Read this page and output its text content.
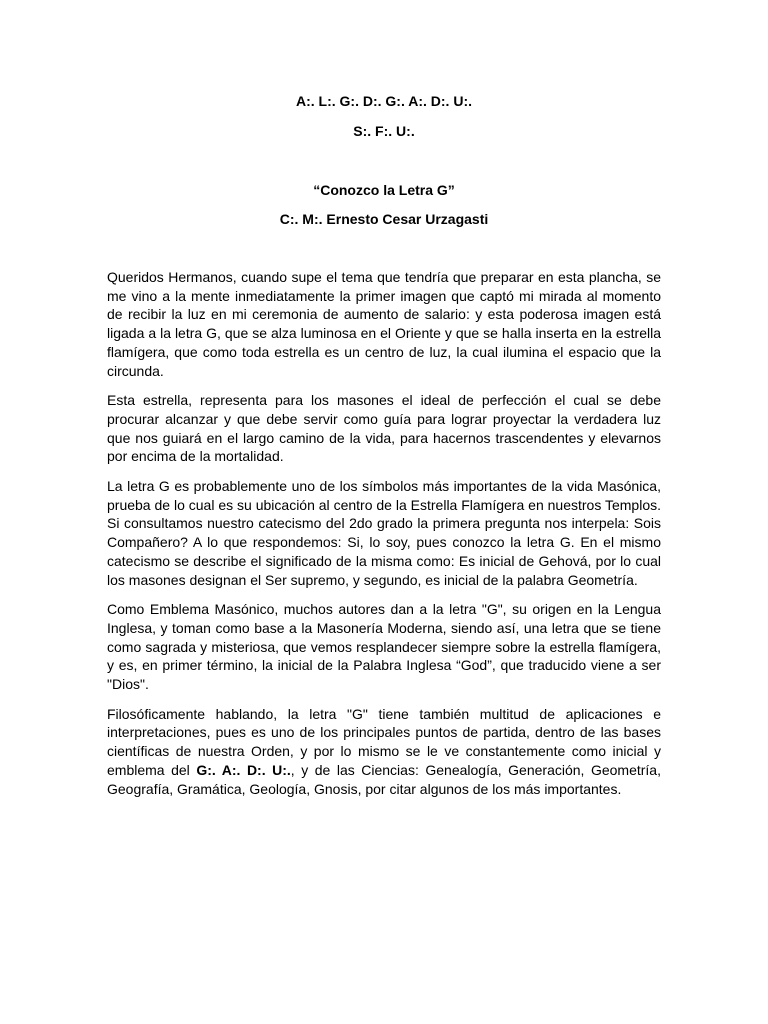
A:. L:. G:. D:. G:. A:. D:. U:.
S:. F:. U:.
“Conozco la Letra G”
C:. M:. Ernesto Cesar Urzagasti

Queridos Hermanos, cuando supe el tema que tendría que preparar en esta plancha, se me vino a la mente inmediatamente la primer imagen que captó mi mirada al momento de recibir la luz en mi ceremonia de aumento de salario: y esta poderosa imagen está ligada a la letra G, que se alza luminosa en el Oriente y que se halla inserta en la estrella flamígera, que como toda estrella es un centro de luz, la cual ilumina el espacio que la circunda.

Esta estrella, representa para los masones el ideal de perfección el cual se debe procurar alcanzar y que debe servir como guía para lograr proyectar la verdadera luz que nos guiará en el largo camino de la vida, para hacernos trascendentes y elevarnos por encima de la mortalidad.

La letra G es probablemente uno de los símbolos más importantes de la vida Masónica, prueba de lo cual es su ubicación al centro de la Estrella Flamígera en nuestros Templos. Si consultamos nuestro catecismo del 2do grado la primera pregunta nos interpela: Sois Compañero? A lo que respondemos: Si, lo soy, pues conozco la letra G. En el mismo catecismo se describe el significado de la misma como: Es inicial de Gehová, por lo cual los masones designan el Ser supremo, y segundo, es inicial de la palabra Geometría.

Como Emblema Masónico, muchos autores dan a la letra "G", su origen en la Lengua Inglesa, y toman como base a la Masonería Moderna, siendo así, una letra que se tiene como sagrada y misteriosa, que vemos resplandecer siempre sobre la estrella flamígera, y es, en primer término, la inicial de la Palabra Inglesa “God”, que traducido viene a ser "Dios".

Filosóficamente hablando, la letra "G" tiene también multitud de aplicaciones e interpretaciones, pues es uno de los principales puntos de partida, dentro de las bases científicas de nuestra Orden, y por lo mismo se le ve constantemente como inicial y emblema del G:. A:. D:. U:., y de las Ciencias: Genealogía, Generación, Geometría, Geografía, Gramática, Geología, Gnosis, por citar algunos de los más importantes.
